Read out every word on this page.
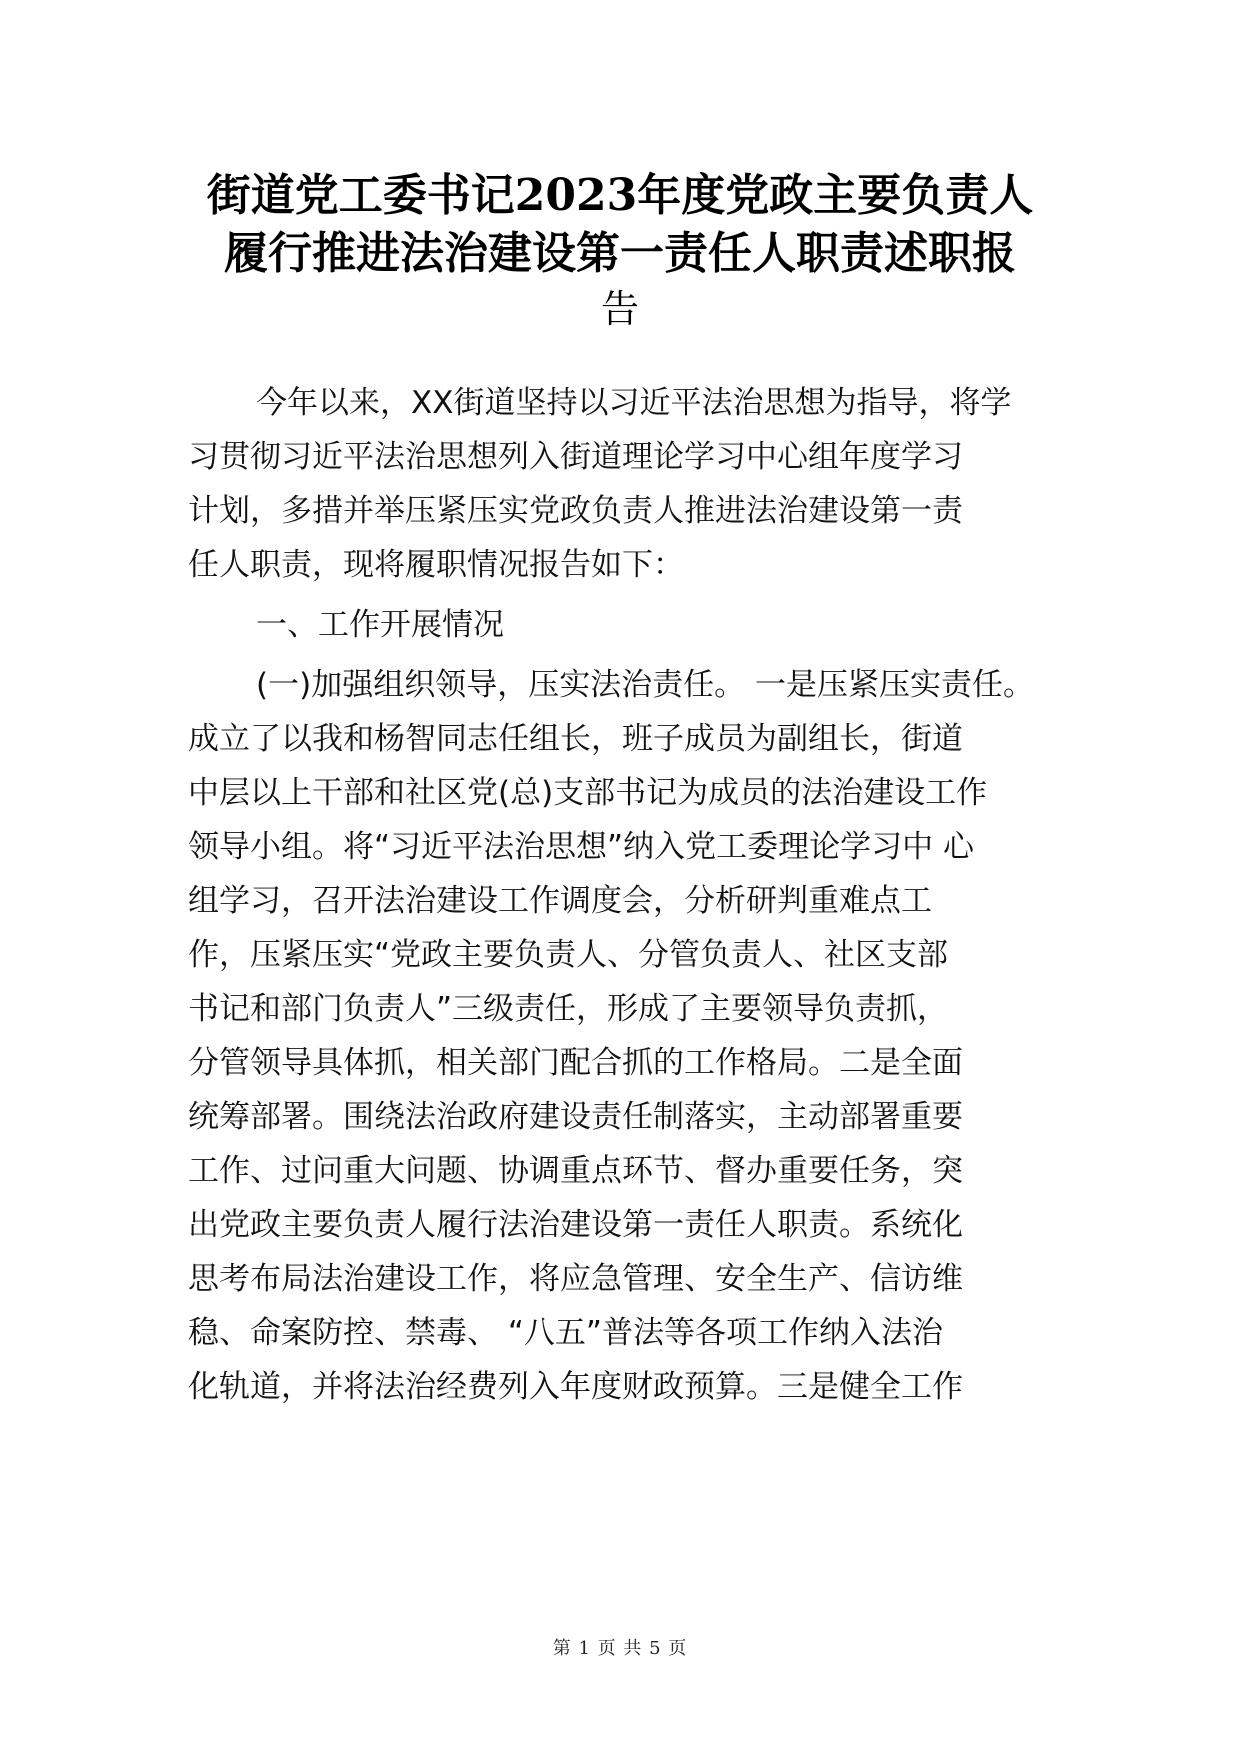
街道党工委书记2023年度党政主要负责人
履行推进法治建设第一责任人职责述职报
告
今年以来，XX街道坚持以习近平法治思想为指导，将学
习贯彻习近平法治思想列入街道理论学习中心组年度学习
计划，多措并举压紧压实党政负责人推进法治建设第一责
任人职责，现将履职情况报告如下：
一、工作开展情况
(一)加强组织领导，压实法治责任。 一是压紧压实责任。
成立了以我和杨智同志任组长，班子成员为副组长，街道
中层以上干部和社区党(总)支部书记为成员的法治建设工作
领导小组。将“习近平法治思想”纳入党工委理论学习中 心
组学习，召开法治建设工作调度会，分析研判重难点工
作，压紧压实“党政主要负责人、分管负责人、社区支部
书记和部门负责人”三级责任，形成了主要领导负责抓，
分管领导具体抓，相关部门配合抓的工作格局。二是全面
统筹部署。围绕法治政府建设责任制落实，主动部署重要
工作、过问重大问题、协调重点环节、督办重要任务，突
出党政主要负责人履行法治建设第一责任人职责。系统化
思考布局法治建设工作，将应急管理、安全生产、信访维
稳、命案防控、禁毒、 “八五”普法等各项工作纳入法治
化轨道，并将法治经费列入年度财政预算。三是健全工作
第 1 页 共 5 页
